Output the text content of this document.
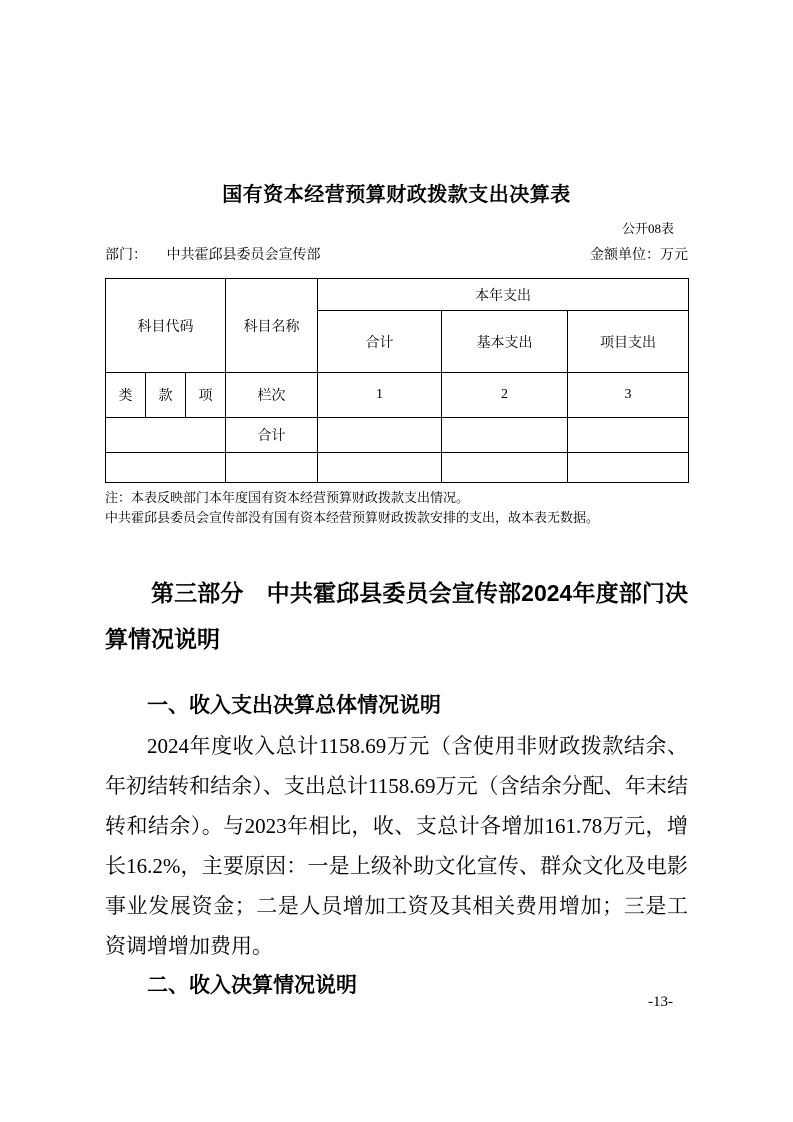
国有资本经营预算财政拨款支出决算表
公开08表
部门： 中共霍邱县委员会宣传部	金额单位：万元
科目代码			科目名称	本年支出		
				合计	基本支出	项目支出
类	款	项	栏次	1	2	3
			合计			

注：本表反映部门本年度国有资本经营预算财政拨款支出情况。
中共霍邱县委员会宣传部没有国有资本经营预算财政拨款安排的支出，故本表无数据。
第三部分　中共霍邱县委员会宣传部2024年度部门决算情况说明
一、收入支出决算总体情况说明

2024年度收入总计1158.69万元（含使用非财政拨款结余、年初结转和结余）、支出总计1158.69万元（含结余分配、年末结转和结余）。与2023年相比，收、支总计各增加161.78万元，增长16.2%，主要原因：一是上级补助文化宣传、群众文化及电影事业发展资金；二是人员增加工资及其相关费用增加；三是工资调增增加费用。

二、收入决算情况说明
-13-
